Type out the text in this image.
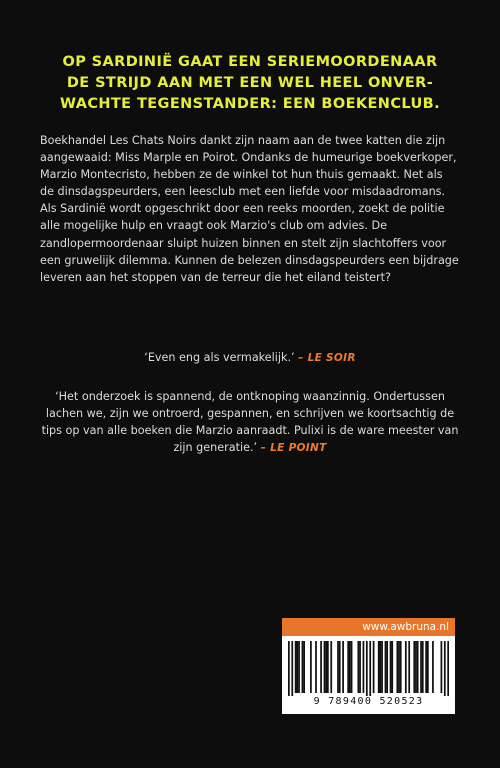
OP SARDINIË GAAT EEN SERIEMOORDENAAR
DE STRIJD AAN MET EEN WEL HEEL ONVER-
WACHTE TEGENSTANDER: EEN BOEKENCLUB.

Boekhandel Les Chats Noirs dankt zijn naam aan de twee katten die zijn aangewaaid: Miss Marple en Poirot. Ondanks de humeurige boekverkoper, Marzio Montecristo, hebben ze de winkel tot hun thuis gemaakt. Net als de dinsdagspeurders, een leesclub met een liefde voor misdaadromans.

Als Sardinië wordt opgeschrikt door een reeks moorden, zoekt de politie alle mogelijke hulp en vraagt ook Marzio's club om advies. De zandlopermoordenaar sluipt huizen binnen en stelt zijn slachtoffers voor een gruwelijk dilemma. Kunnen de belezen dinsdagspeurders een bijdrage leveren aan het stoppen van de terreur die het eiland teistert?

‘Even eng als vermakelijk.’ – LE SOIR

‘Het onderzoek is spannend, de ontknoping waanzinnig. Ondertussen lachen we, zijn we ontroerd, gespannen, en schrijven we koortsachtig de tips op van alle boeken die Marzio aanraadt. Pulixi is de ware meester van zijn generatie.’ – LE POINT

www.awbruna.nl
9 789400 520523
